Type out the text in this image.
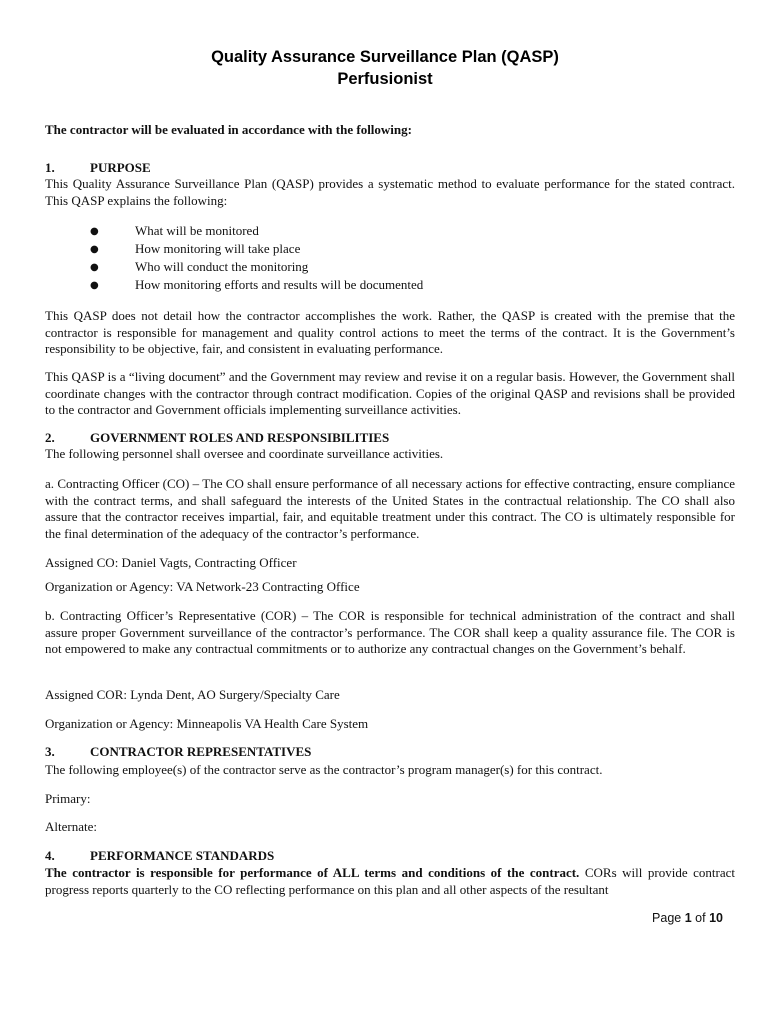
Quality Assurance Surveillance Plan (QASP)
Perfusionist
The contractor will be evaluated in accordance with the following:
1.	PURPOSE
This Quality Assurance Surveillance Plan (QASP) provides a systematic method to evaluate performance for the stated contract. This QASP explains the following:
●	What will be monitored
●	How monitoring will take place
●	Who will conduct the monitoring
●	How monitoring efforts and results will be documented
This QASP does not detail how the contractor accomplishes the work. Rather, the QASP is created with the premise that the contractor is responsible for management and quality control actions to meet the terms of the contract. It is the Government’s responsibility to be objective, fair, and consistent in evaluating performance.
This QASP is a “living document” and the Government may review and revise it on a regular basis. However, the Government shall coordinate changes with the contractor through contract modification. Copies of the original QASP and revisions shall be provided to the contractor and Government officials implementing surveillance activities.
2.	GOVERNMENT ROLES AND RESPONSIBILITIES
The following personnel shall oversee and coordinate surveillance activities.
a. Contracting Officer (CO) – The CO shall ensure performance of all necessary actions for effective contracting, ensure compliance with the contract terms, and shall safeguard the interests of the United States in the contractual relationship. The CO shall also assure that the contractor receives impartial, fair, and equitable treatment under this contract. The CO is ultimately responsible for the final determination of the adequacy of the contractor’s performance.
Assigned CO: Daniel Vagts, Contracting Officer
Organization or Agency: VA Network-23 Contracting Office
b. Contracting Officer’s Representative (COR) – The COR is responsible for technical administration of the contract and shall assure proper Government surveillance of the contractor’s performance. The COR shall keep a quality assurance file. The COR is not empowered to make any contractual commitments or to authorize any contractual changes on the Government’s behalf.
Assigned COR: Lynda Dent, AO Surgery/Specialty Care
Organization or Agency: Minneapolis VA Health Care System
3.	CONTRACTOR REPRESENTATIVES
The following employee(s) of the contractor serve as the contractor’s program manager(s) for this contract.
Primary:
Alternate:
4.	PERFORMANCE STANDARDS
The contractor is responsible for performance of ALL terms and conditions of the contract. CORs will provide contract progress reports quarterly to the CO reflecting performance on this plan and all other aspects of the resultant
Page 1 of 10
